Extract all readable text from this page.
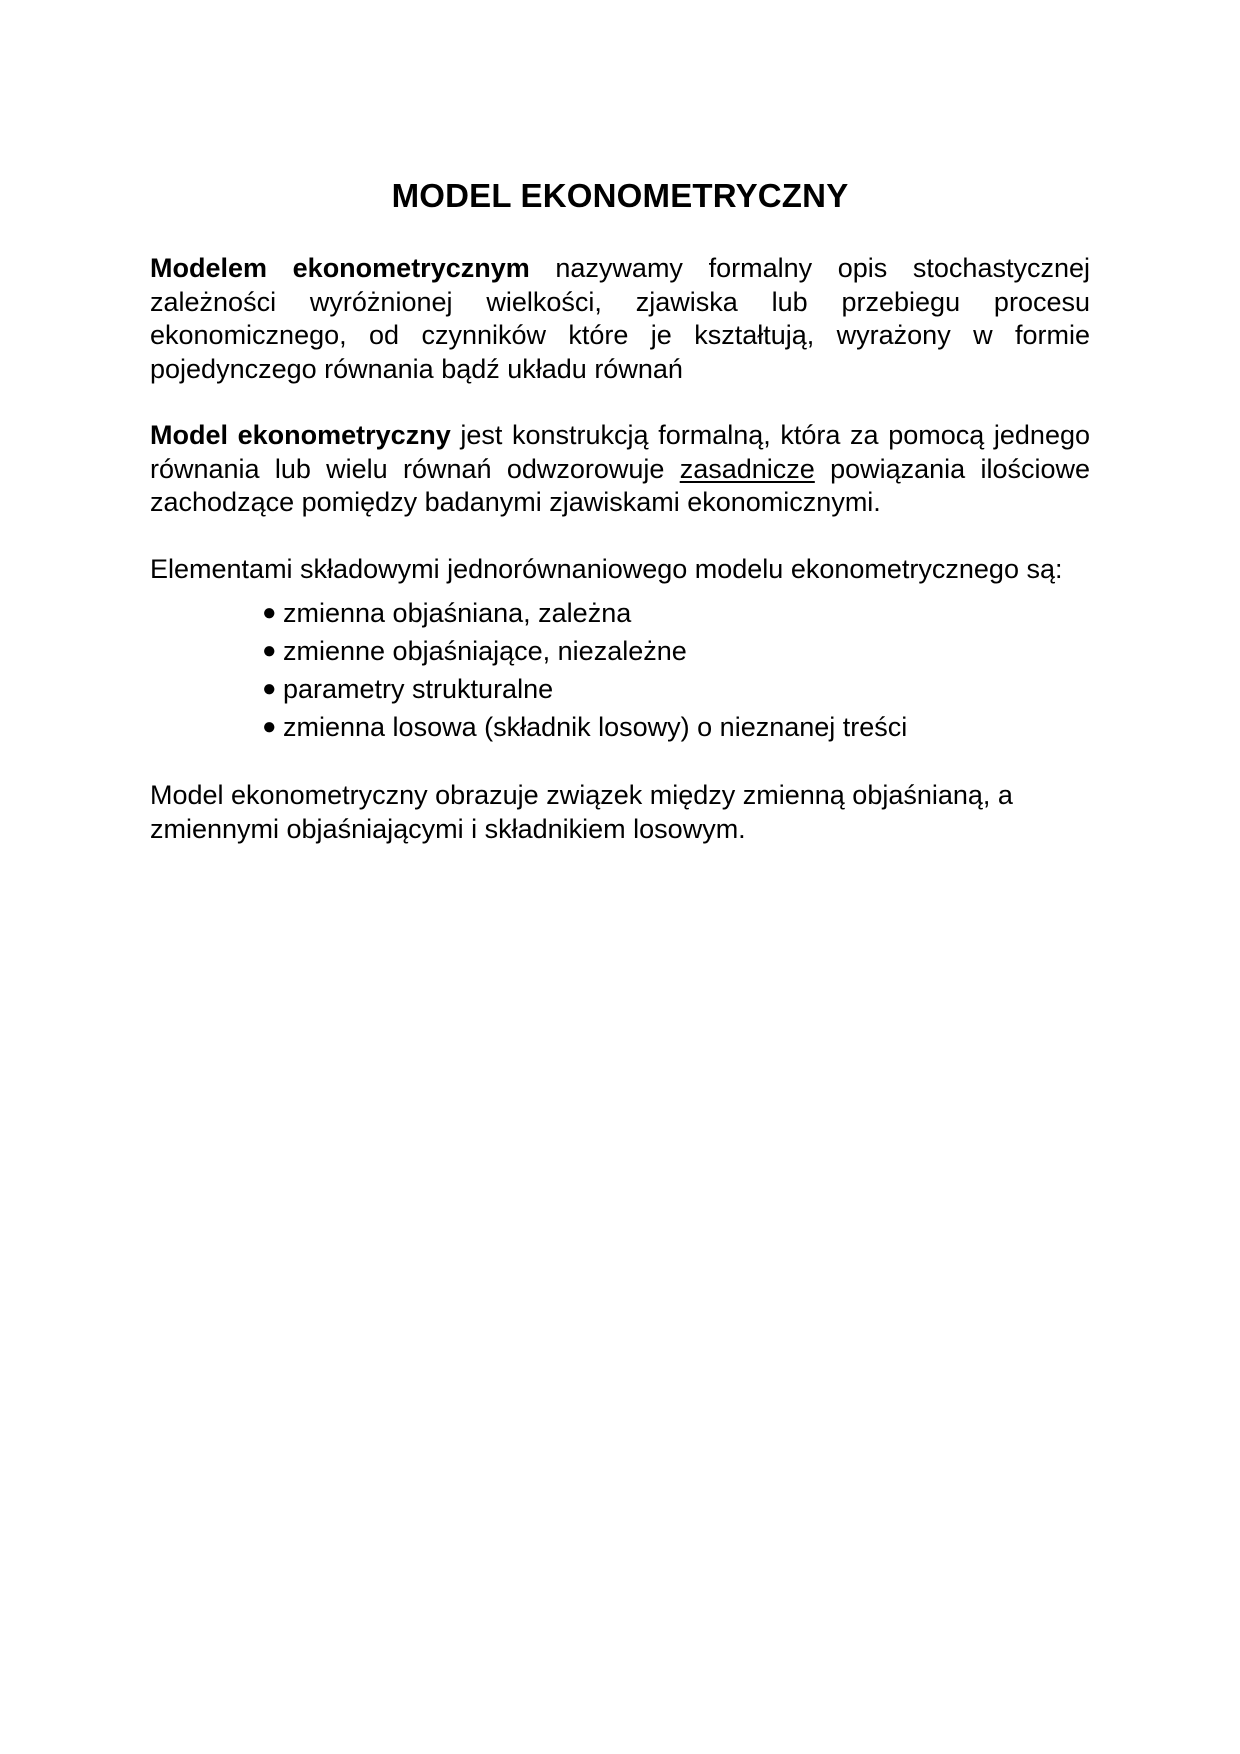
MODEL EKONOMETRYCZNY

Modelem ekonometrycznym nazywamy formalny opis stochastycznej zależności wyróżnionej wielkości, zjawiska lub przebiegu procesu ekonomicznego, od czynników które je kształtują, wyrażony w formie pojedynczego równania bądź układu równań

Model ekonometryczny jest konstrukcją formalną, która za pomocą jednego równania lub wielu równań odwzorowuje zasadnicze powiązania ilościowe zachodzące pomiędzy badanymi zjawiskami ekonomicznymi.

Elementami składowymi jednorównaniowego modelu ekonometrycznego są:

● zmienna objaśniana, zależna
● zmienne objaśniające, niezależne
● parametry strukturalne
● zmienna losowa (składnik losowy) o nieznanej treści

Model ekonometryczny obrazuje związek między zmienną objaśnianą, a zmiennymi objaśniającymi i składnikiem losowym.
